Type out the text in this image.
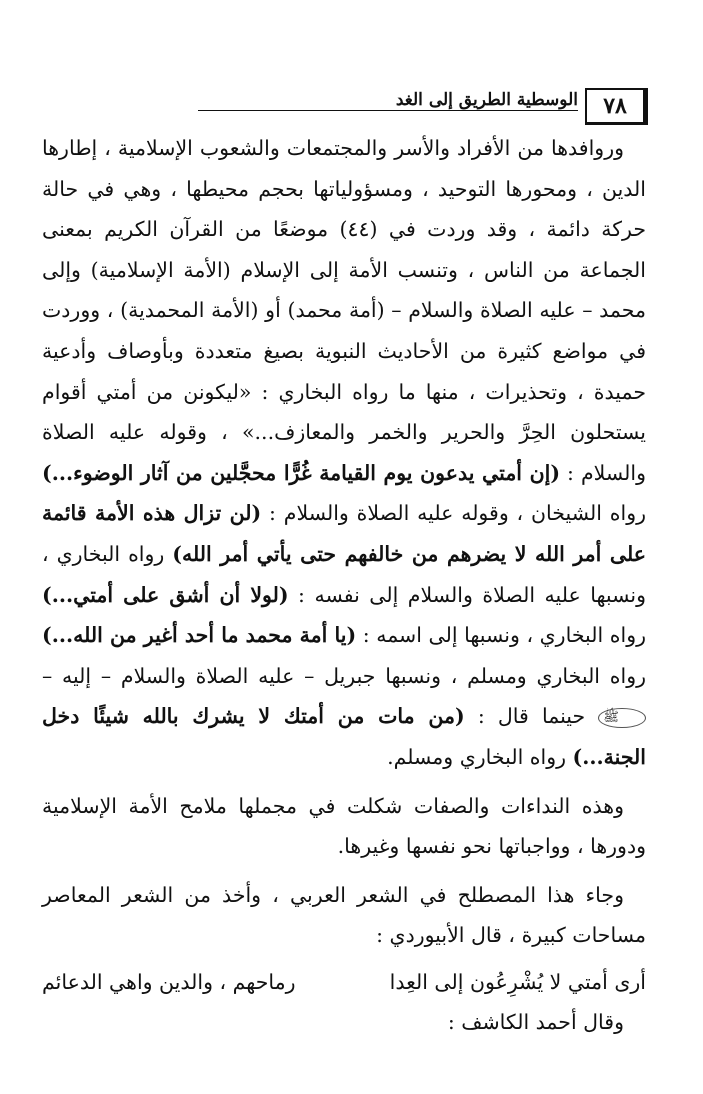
٧٨
الوسطية الطريق إلى الغد

وروافدها من الأفراد والأسر والمجتمعات والشعوب الإسلامية ، إطارها الدين ، ومحورها التوحيد ، ومسؤولياتها بحجم محيطها ، وهي في حالة حركة دائمة ، وقد وردت في (٤٤) موضعًا من القرآن الكريم بمعنى الجماعة من الناس ، وتنسب الأمة إلى الإسلام (الأمة الإسلامية) وإلى محمد – عليه الصلاة والسلام – (أمة محمد) أو (الأمة المحمدية) ، ووردت في مواضع كثيرة من الأحاديث النبوية بصيغ متعددة وبأوصاف وأدعية حميدة ، وتحذيرات ، منها ما رواه البخاري : «ليكونن من أمتي أقوام يستحلون الحِرَّ والحرير والخمر والمعازف...» ، وقوله عليه الصلاة والسلام : (إن أمتي يدعون يوم القيامة غُرًّا محجَّلين من آثار الوضوء...) رواه الشيخان ، وقوله عليه الصلاة والسلام : (لن تزال هذه الأمة قائمة على أمر الله لا يضرهم من خالفهم حتى يأتي أمر الله) رواه البخاري ، ونسبها عليه الصلاة والسلام إلى نفسه : (لولا أن أشق على أمتي...) رواه البخاري ، ونسبها إلى اسمه : (يا أمة محمد ما أحد أغير من الله...) رواه البخاري ومسلم ، ونسبها جبريل – عليه الصلاة والسلام – إليه – ﷺ حينما قال : (من مات من أمتك لا يشرك بالله شيئًا دخل الجنة...) رواه البخاري ومسلم.

وهذه النداءات والصفات شكلت في مجملها ملامح الأمة الإسلامية ودورها ، وواجباتها نحو نفسها وغيرها.

وجاء هذا المصطلح في الشعر العربي ، وأخذ من الشعر المعاصر مساحات كبيرة ، قال الأبيوردي :

أرى أمتي لا يُشْرِعُون إلى العِدا
رماحهم ، والدين واهي الدعائم

وقال أحمد الكاشف :
